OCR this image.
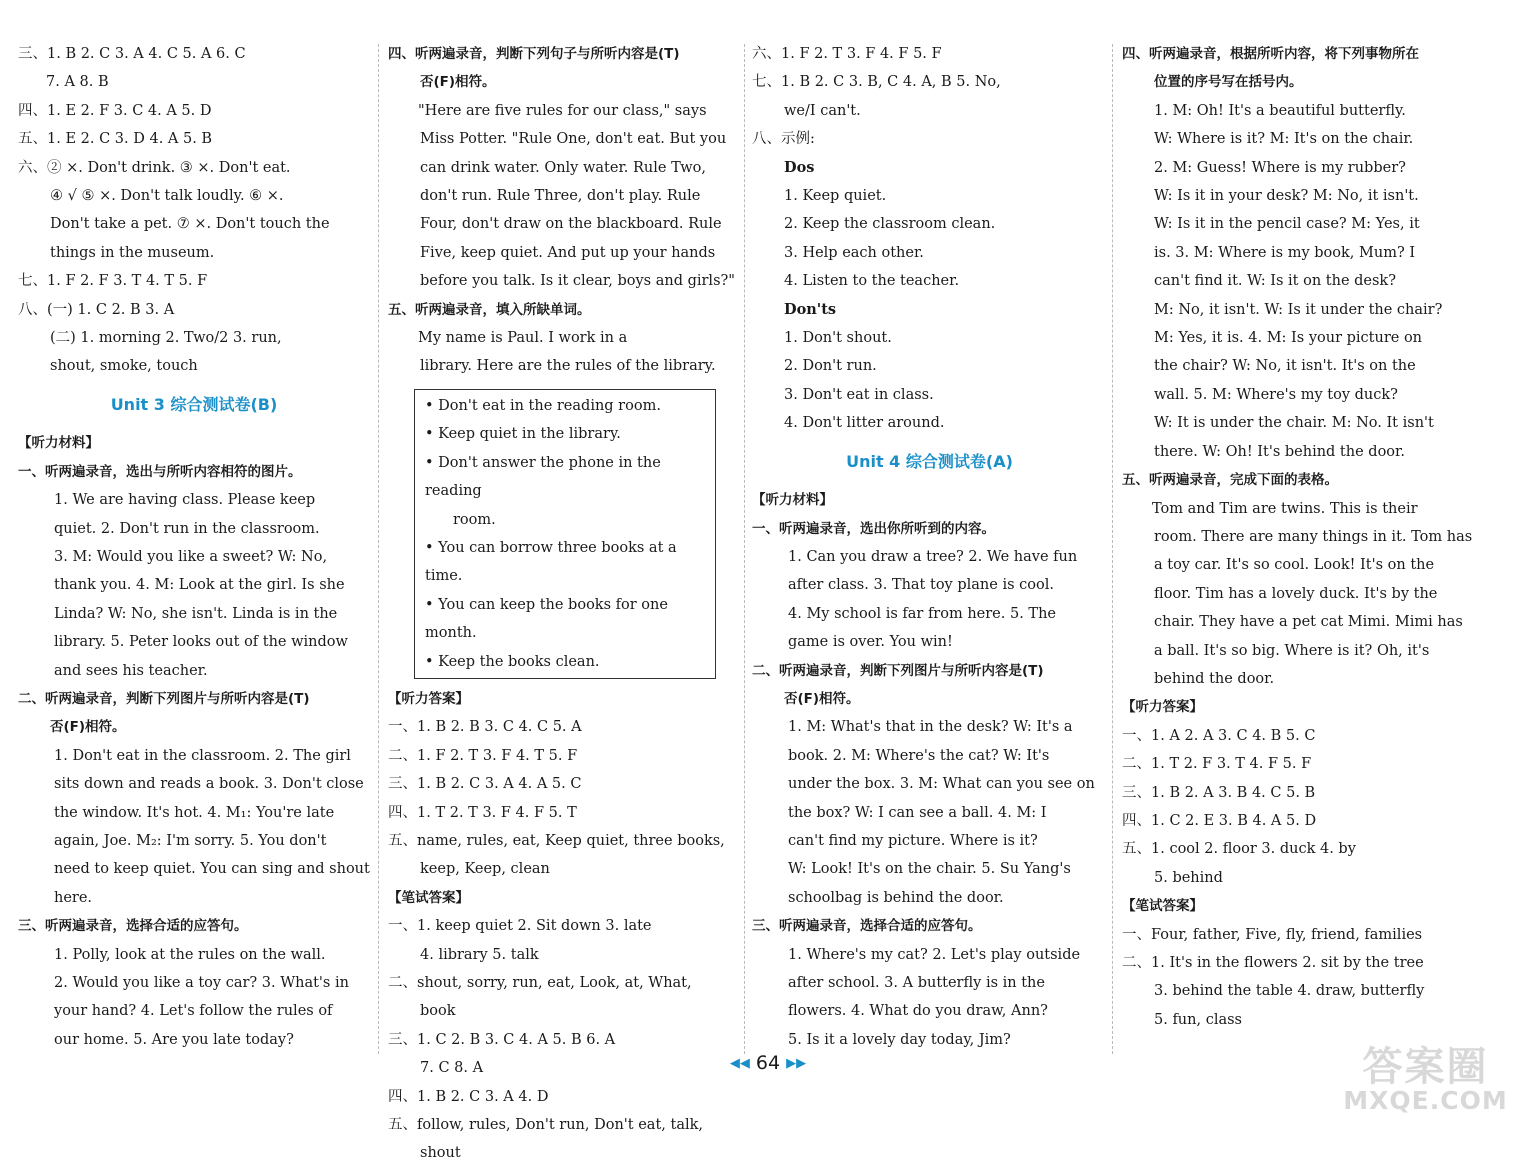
三、1. B 2. C 3. A 4. C 5. A 6. C
7. A 8. B
四、1. E 2. F 3. C 4. A 5. D
五、1. E 2. C 3. D 4. A 5. B
六、② ×. Don't drink. ③ ×. Don't eat.
④ √ ⑤ ×. Don't talk loudly. ⑥ ×.
Don't take a pet. ⑦ ×. Don't touch the
things in the museum.
七、1. F 2. F 3. T 4. T 5. F
八、(一) 1. C 2. B 3. A
(二) 1. morning 2. Two/2 3. run,
shout, smoke, touch
Unit 3 综合测试卷(B)
【听力材料】
一、听两遍录音，选出与所听内容相符的图片。
1. We are having class. Please keep
quiet. 2. Don't run in the classroom.
3. M: Would you like a sweet? W: No,
thank you. 4. M: Look at the girl. Is she
Linda? W: No, she isn't. Linda is in the
library. 5. Peter looks out of the window
and sees his teacher.
二、听两遍录音，判断下列图片与所听内容是(T)
否(F)相符。
1. Don't eat in the classroom. 2. The girl
sits down and reads a book. 3. Don't close
the window. It's hot. 4. M₁: You're late
again, Joe. M₂: I'm sorry. 5. You don't
need to keep quiet. You can sing and shout
here.
三、听两遍录音，选择合适的应答句。
1. Polly, look at the rules on the wall.
2. Would you like a toy car? 3. What's in
your hand? 4. Let's follow the rules of
our home. 5. Are you late today?
四、听两遍录音，判断下列句子与所听内容是(T)
否(F)相符。
"Here are five rules for our class," says
Miss Potter. "Rule One, don't eat. But you
can drink water. Only water. Rule Two,
don't run. Rule Three, don't play. Rule
Four, don't draw on the blackboard. Rule
Five, keep quiet. And put up your hands
before you talk. Is it clear, boys and girls?"
五、听两遍录音，填入所缺单词。
My name is Paul. I work in a
library. Here are the rules of the library.
• Don't eat in the reading room.
• Keep quiet in the library.
• Don't answer the phone in the reading
room.
• You can borrow three books at a time.
• You can keep the books for one month.
• Keep the books clean.
【听力答案】
一、1. B 2. B 3. C 4. C 5. A
二、1. F 2. T 3. F 4. T 5. F
三、1. B 2. C 3. A 4. A 5. C
四、1. T 2. T 3. F 4. F 5. T
五、name, rules, eat, Keep quiet, three books,
keep, Keep, clean
【笔试答案】
一、1. keep quiet 2. Sit down 3. late
4. library 5. talk
二、shout, sorry, run, eat, Look, at, What,
book
三、1. C 2. B 3. C 4. A 5. B 6. A
7. C 8. A
四、1. B 2. C 3. A 4. D
五、follow, rules, Don't run, Don't eat, talk,
shout
六、1. F 2. T 3. F 4. F 5. F
七、1. B 2. C 3. B, C 4. A, B 5. No,
we/I can't.
八、示例:
Dos
1. Keep quiet.
2. Keep the classroom clean.
3. Help each other.
4. Listen to the teacher.
Don'ts
1. Don't shout.
2. Don't run.
3. Don't eat in class.
4. Don't litter around.
Unit 4 综合测试卷(A)
【听力材料】
一、听两遍录音，选出你所听到的内容。
1. Can you draw a tree? 2. We have fun
after class. 3. That toy plane is cool.
4. My school is far from here. 5. The
game is over. You win!
二、听两遍录音，判断下列图片与所听内容是(T)
否(F)相符。
1. M: What's that in the desk? W: It's a
book. 2. M: Where's the cat? W: It's
under the box. 3. M: What can you see on
the box? W: I can see a ball. 4. M: I
can't find my picture. Where is it?
W: Look! It's on the chair. 5. Su Yang's
schoolbag is behind the door.
三、听两遍录音，选择合适的应答句。
1. Where's my cat? 2. Let's play outside
after school. 3. A butterfly is in the
flowers. 4. What do you draw, Ann?
5. Is it a lovely day today, Jim?
四、听两遍录音，根据所听内容，将下列事物所在
位置的序号写在括号内。
1. M: Oh! It's a beautiful butterfly.
W: Where is it? M: It's on the chair.
2. M: Guess! Where is my rubber?
W: Is it in your desk? M: No, it isn't.
W: Is it in the pencil case? M: Yes, it
is. 3. M: Where is my book, Mum? I
can't find it. W: Is it on the desk?
M: No, it isn't. W: Is it under the chair?
M: Yes, it is. 4. M: Is your picture on
the chair? W: No, it isn't. It's on the
wall. 5. M: Where's my toy duck?
W: It is under the chair. M: No. It isn't
there. W: Oh! It's behind the door.
五、听两遍录音，完成下面的表格。
Tom and Tim are twins. This is their
room. There are many things in it. Tom has
a toy car. It's so cool. Look! It's on the
floor. Tim has a lovely duck. It's by the
chair. They have a pet cat Mimi. Mimi has
a ball. It's so big. Where is it? Oh, it's
behind the door.
【听力答案】
一、1. A 2. A 3. C 4. B 5. C
二、1. T 2. F 3. T 4. F 5. F
三、1. B 2. A 3. B 4. C 5. B
四、1. C 2. E 3. B 4. A 5. D
五、1. cool 2. floor 3. duck 4. by
5. behind
【笔试答案】
一、Four, father, Five, fly, friend, families
二、1. It's in the flowers 2. sit by the tree
3. behind the table 4. draw, butterfly
5. fun, class
◀◀ 64 ▶▶	答案圈
MXQE.COM
